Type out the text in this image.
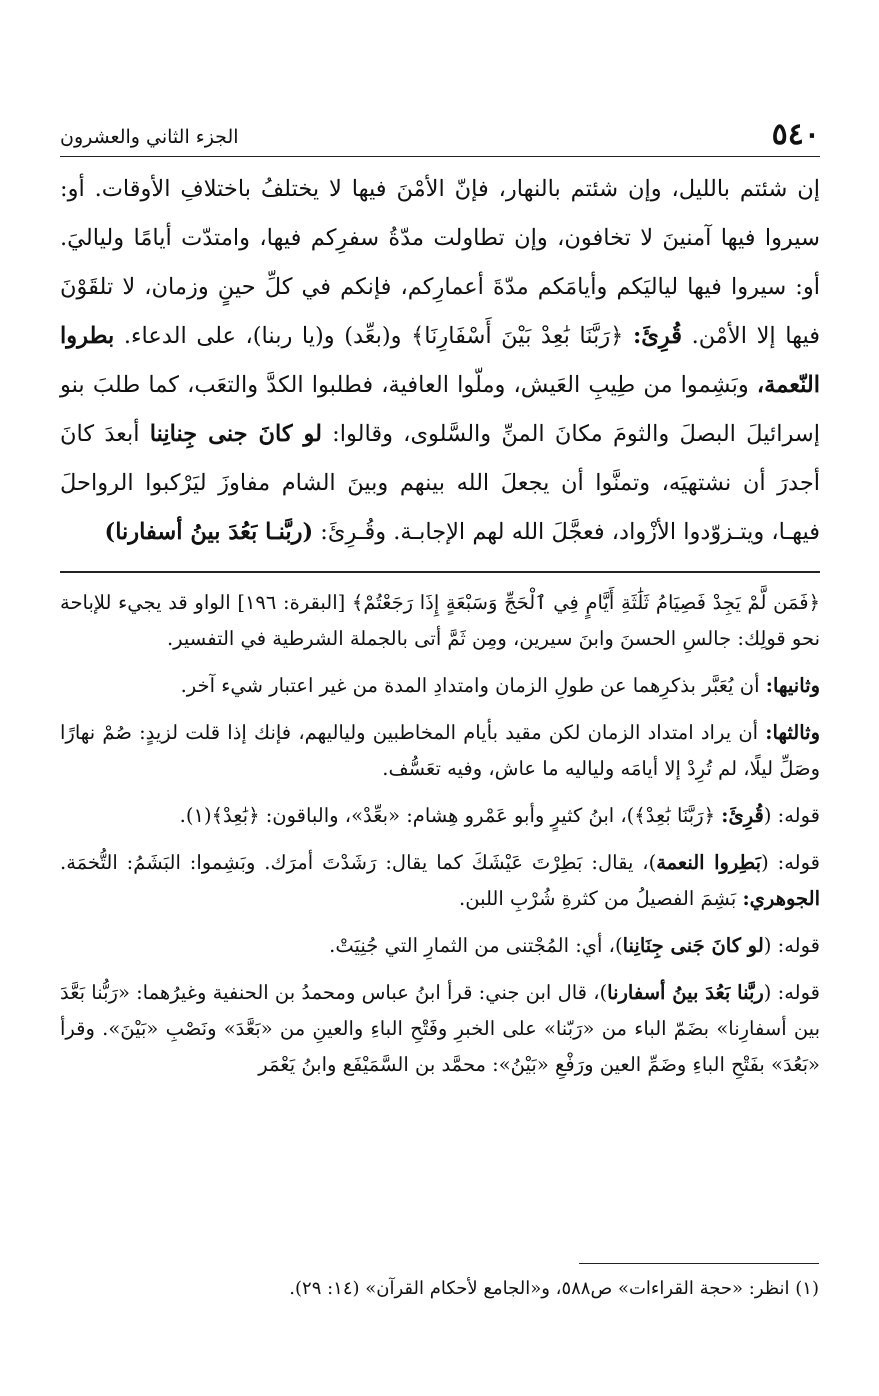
٥٤٠
الجزء الثاني والعشرون

إن شئتم بالليل، وإن شئتم بالنهار، فإنّ الأمْنَ فيها لا يختلفُ باختلافِ الأوقات. أو: سيروا فيها آمنينَ لا تخافون، وإن تطاولت مدّةُ سفرِكم فيها، وامتدّت أيامًا ولياليَ. أو: سيروا فيها لياليَكم وأيامَكم مدّةَ أعمارِكم، فإنكم في كلِّ حينٍ وزمان، لا تلقَوْنَ فيها إلا الأمْن. قُرِئَ: ﴿رَبَّنَا بَٰعِدْ بَيْنَ أَسْفَارِنَا﴾ و(بعِّد) و(يا ربنا)، على الدعاء. بطروا النّعمة، وبَشِموا من طِيبِ العَيش، وملّوا العافية، فطلبوا الكدَّ والتعَب، كما طلبَ بنو إسرائيلَ البصلَ والثومَ مكانَ المنِّ والسَّلوى، وقالوا: لو كانَ جنى جِنانِنا أبعدَ كانَ أجدرَ أن نشتهيَه، وتمنَّوا أن يجعلَ الله بينهم وبينَ الشام مفاوزَ ليَرْكبوا الرواحلَ فيهـا، ويتـزوّدوا الأزْواد، فعجَّلَ الله لهم الإجابـة. وقُـرِئَ: (ربَّنـا بَعُدَ بينُ أسفارنا)

﴿فَمَن لَّمْ يَجِدْ فَصِيَامُ ثَلَٰثَةِ أَيَّامٍ فِي ٱلْحَجِّ وَسَبْعَةٍ إِذَا رَجَعْتُمْ﴾ [البقرة: ١٩٦] الواو قد يجيء للإباحة نحو قولِك: جالسِ الحسنَ وابنَ سيرين، ومِن ثَمَّ أتى بالجملة الشرطية في التفسير.

وثانيها: أن يُعَبَّر بذكرِهما عن طولِ الزمان وامتدادِ المدة من غير اعتبار شيء آخر.

وثالثها: أن يراد امتداد الزمان لكن مقيد بأيام المخاطبين ولياليهم، فإنك إذا قلت لزيدٍ: صُمْ نهارًا وصَلِّ ليلًا، لم تُرِدْ إلا أيامَه ولياليه ما عاش، وفيه تعَسُّف.

قوله: (قُرِئَ: ﴿رَبَّنَا بَٰعِدْ﴾)، ابنُ كثيرٍ وأبو عَمْرو هِشام: «بعِّدْ»، والباقون: ﴿بَٰعِدْ﴾(١).

قوله: (بَطِروا النعمة)، يقال: بَطِرْتَ عَيْشَكَ كما يقال: رَشَدْتَ أمرَك. وبَشِموا: البَشَمُ: التُّخمَة. الجوهري: بَشِمَ الفصيلُ من كثرةِ شُرْبِ اللبن.

قوله: (لو كانَ جَنى جِنَانِنا)، أي: المُجْتنى من الثمارِ التي جُنِيَتْ.

قوله: (ربَّنا بَعُدَ بينُ أسفارنا)، قال ابن جني: قرأ ابنُ عباس ومحمدُ بن الحنفية وغيرُهما: «رَبُّنا بَعَّدَ بين أسفارِنا» بضَمّ الباء من «رَبّنا» على الخبرِ وفَتْحِ الباءِ والعينِ من «بَعَّدَ» ونَصْبِ «بَيْنَ». وقرأ «بَعُدَ» بفَتْحِ الباءِ وضَمِّ العين ورَفْعِ «بَيْنُ»: محمَّد بن السَّمَيْفَع وابنُ يَعْمَر

(١) انظر: «حجة القراءات» ص٥٨٨، و«الجامع لأحكام القرآن» (١٤: ٢٩).
